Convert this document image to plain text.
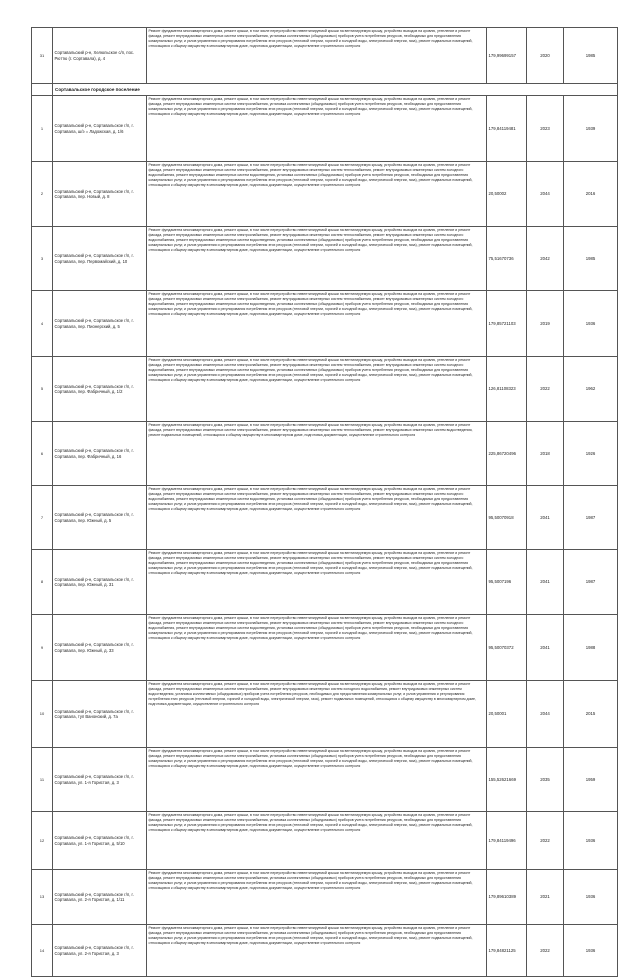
31	Сортавальский р-н, Хелюльское с/п, пос. Рюттю (г. Сортавала), д. 4	Ремонт фундамента многоквартирного дома, ремонт крыши, в том числе переустройство невентилируемой крыши на вентилируемую крышу, устройство выходов на кровлю, утепление и ремонт фасада, ремонт внутридомовых инженерных систем электроснабжения, установка коллективных (общедомовых) приборов учета потребления ресурсов, необходимых для предоставления коммунальных услуг, и узлов управления и регулирования потребления этих ресурсов (тепловой энергии, горячей и холодной воды, электрической энергии, газа), ремонт подвальных помещений, относящихся к общему имуществу в многоквартирном доме, подготовка документации, осуществление строительного контроля	179,99699157	2020	1985
	Сортавальское городское поселение				
1	Сортавальский р-н, Сортавальское г/п, г. Сортавала, ш/э = Ладожская, д. 1/6	Ремонт фундамента многоквартирного дома, ремонт крыши, в том числе переустройство невентилируемой крыши на вентилируемую крышу, устройство выходов на кровлю, утепление и ремонт фасада, ремонт внутридомовых инженерных систем электроснабжения, установка коллективных (общедомовых) приборов учета потребления ресурсов, необходимых для предоставления коммунальных услуг, и узлов управления и регулирования потребления этих ресурсов (тепловой энергии, горячей и холодной воды, электрической энергии, газа), ремонт подвальных помещений, относящихся к общему имуществу в многоквартирном доме, подготовка документации, осуществление строительного контроля	179,84119481	2023	1939
2	Сортавальский р-н, Сортавальское г/п, г. Сортавала, пер. Новый, д. 8	Ремонт фундамента многоквартирного дома, ремонт крыши, в том числе переустройство невентилируемой крыши на вентилируемую крышу, устройство выходов на кровлю, утепление и ремонт фасада, ремонт внутридомовых инженерных систем электроснабжения, ремонт внутридомовых инженерных систем теплоснабжения, ремонт внутридомовых инженерных систем холодного водоснабжения, ремонт внутридомовых инженерных систем водоотведения, установка коллективных (общедомовых) приборов учета потребления ресурсов, необходимых для предоставления коммунальных услуг, и узлов управления и регулирования потребления этих ресурсов (тепловой энергии, горячей и холодной воды, электрической энергии, газа), ремонт подвальных помещений, относящихся к общему имуществу в многоквартирном доме, подготовка документации, осуществление строительного контроля	20,50002	2044	2016
3	Сортавальский р-н, Сортавальское г/п, г. Сортавала, пер. Первомайский, д. 10	Ремонт фундамента многоквартирного дома, ремонт крыши, в том числе переустройство невентилируемой крыши на вентилируемую крышу, устройство выходов на кровлю, утепление и ремонт фасада, ремонт внутридомовых инженерных систем электроснабжения, ремонт внутридомовых инженерных систем теплоснабжения, ремонт внутридомовых инженерных систем холодного водоснабжения, ремонт внутридомовых инженерных систем водоотведения, установка коллективных (общедомовых) приборов учета потребления ресурсов, необходимых для предоставления коммунальных услуг, и узлов управления и регулирования потребления этих ресурсов (тепловой энергии, горячей и холодной воды, электрической энергии, газа), ремонт подвальных помещений, относящихся к общему имуществу в многоквартирном доме, подготовка документации, осуществление строительного контроля	75,51670736	2042	1985
4	Сортавальский р-н, Сортавальское г/п, г. Сортавала, пер. Пионерский, д. 5	Ремонт фундамента многоквартирного дома, ремонт крыши, в том числе переустройство невентилируемой крыши на вентилируемую крышу, устройство выходов на кровлю, утепление и ремонт фасада, ремонт внутридомовых инженерных систем электроснабжения, ремонт внутридомовых инженерных систем теплоснабжения, ремонт внутридомовых инженерных систем холодного водоснабжения, ремонт внутридомовых инженерных систем водоотведения, установка коллективных (общедомовых) приборов учета потребления ресурсов, необходимых для предоставления коммунальных услуг, и узлов управления и регулирования потребления этих ресурсов (тепловой энергии, горячей и холодной воды, электрической энергии, газа), ремонт подвальных помещений, относящихся к общему имуществу в многоквартирном доме, подготовка документации, осуществление строительного контроля	179,85721103	2019	1936
5	Сортавальский р-н, Сортавальское г/п, г. Сортавала, пер. Фабричный, д. 1/2	Ремонт фундамента многоквартирного дома, ремонт крыши, в том числе переустройство невентилируемой крыши на вентилируемую крышу, устройство выходов на кровлю, утепление и ремонт фасада, ремонт внутридомовых инженерных систем электроснабжения, ремонт внутридомовых инженерных систем теплоснабжения, ремонт внутридомовых инженерных систем холодного водоснабжения, ремонт внутридомовых инженерных систем водоотведения, установка коллективных (общедомовых) приборов учета потребления ресурсов, необходимых для предоставления коммунальных услуг, и узлов управления и регулирования потребления этих ресурсов (тепловой энергии, горячей и холодной воды, электрической энергии, газа), ремонт подвальных помещений, относящихся к общему имуществу в многоквартирном доме, подготовка документации, осуществление строительного контроля	126,81108323	2022	1962
6	Сортавальский р-н, Сортавальское г/п, г. Сортавала, пер. Фабричный, д. 16	Ремонт фундамента многоквартирного дома, ремонт крыши, в том числе переустройство невентилируемой крыши на вентилируемую крышу, устройство выходов на кровлю, утепление и ремонт фасада, ремонт внутридомовых инженерных систем электроснабжения, ремонт внутридомовых инженерных систем теплоснабжения, ремонт внутридомовых инженерных систем водоотведения, ремонт подвальных помещений, относящихся к общему имуществу в многоквартирном доме, подготовка документации, осуществление строительного контроля	225,86720496	2018	1926
7	Сортавальский р-н, Сортавальское г/п, г. Сортавала, пер. Южный, д. 5	Ремонт фундамента многоквартирного дома, ремонт крыши, в том числе переустройство невентилируемой крыши на вентилируемую крышу, устройство выходов на кровлю, утепление и ремонт фасада, ремонт внутридомовых инженерных систем электроснабжения, ремонт внутридомовых инженерных систем теплоснабжения, ремонт внутридомовых инженерных систем холодного водоснабжения, ремонт внутридомовых инженерных систем водоотведения, установка коллективных (общедомовых) приборов учета потребления ресурсов, необходимых для предоставления коммунальных услуг, и узлов управления и регулирования потребления этих ресурсов (тепловой энергии, горячей и холодной воды, электрической энергии, газа), ремонт подвальных помещений, относящихся к общему имуществу в многоквартирном доме, подготовка документации, осуществление строительного контроля	95,50070918	2041	1987
8	Сортавальский р-н, Сортавальское г/п, г. Сортавала, пер. Южный, д. 31	Ремонт фундамента многоквартирного дома, ремонт крыши, в том числе переустройство невентилируемой крыши на вентилируемую крышу, устройство выходов на кровлю, утепление и ремонт фасада, ремонт внутридомовых инженерных систем электроснабжения, ремонт внутридомовых инженерных систем теплоснабжения, ремонт внутридомовых инженерных систем холодного водоснабжения, ремонт внутридомовых инженерных систем водоотведения, установка коллективных (общедомовых) приборов учета потребления ресурсов, необходимых для предоставления коммунальных услуг, и узлов управления и регулирования потребления этих ресурсов (тепловой энергии, горячей и холодной воды, электрической энергии, газа), ремонт подвальных помещений, относящихся к общему имуществу в многоквартирном доме, подготовка документации, осуществление строительного контроля	95,5007196	2041	1987
9	Сортавальский р-н, Сортавальское г/п, г. Сортавала, пер. Южный, д. 33	Ремонт фундамента многоквартирного дома, ремонт крыши, в том числе переустройство невентилируемой крыши на вентилируемую крышу, устройство выходов на кровлю, утепление и ремонт фасада, ремонт внутридомовых инженерных систем электроснабжения, ремонт внутридомовых инженерных систем теплоснабжения, ремонт внутридомовых инженерных систем холодного водоснабжения, ремонт внутридомовых инженерных систем водоотведения, установка коллективных (общедомовых) приборов учета потребления ресурсов, необходимых для предоставления коммунальных услуг, и узлов управления и регулирования потребления этих ресурсов (тепловой энергии, горячей и холодной воды, электрической энергии, газа), ремонт подвальных помещений, относящихся к общему имуществу в многоквартирном доме, подготовка документации, осуществление строительного контроля	95,50070372	2041	1988
10	Сортавальский р-н, Сортавальское г/п, г. Сортавала, туп Ванонский, д. 7а	Ремонт фундамента многоквартирного дома, ремонт крыши, в том числе переустройство невентилируемой крыши на вентилируемую крышу, устройство выходов на кровлю, утепление и ремонт фасада, ремонт внутридомовых инженерных систем электроснабжения, ремонт внутридомовых инженерных систем холодного водоснабжения, ремонт внутридомовых инженерных систем водоотведения, установка коллективных (общедомовых) приборов учета потребления ресурсов, необходимых для предоставления коммунальных услуг, и узлов управления и регулирования потребления этих ресурсов (тепловой энергии, горячей и холодной воды, электрической энергии, газа), ремонт подвальных помещений, относящихся к общему имуществу в многоквартирном доме, подготовка документации, осуществление строительного контроля	20,50001	2044	2015
11	Сортавальский р-н, Сортавальское г/п, г. Сортавала, ул. 1-я Гористая, д. 3	Ремонт фундамента многоквартирного дома, ремонт крыши, в том числе переустройство невентилируемой крыши на вентилируемую крышу, устройство выходов на кровлю, утепление и ремонт фасада, ремонт внутридомовых инженерных систем электроснабжения, установка коллективных (общедомовых) приборов учета потребления ресурсов, необходимых для предоставления коммунальных услуг, и узлов управления и регулирования потребления этих ресурсов (тепловой энергии, горячей и холодной воды, электрической энергии, газа), ремонт подвальных помещений, относящихся к общему имуществу в многоквартирном доме, подготовка документации, осуществление строительного контроля	155,52621669	2035	1959
12	Сортавальский р-н, Сортавальское г/п, г. Сортавала, ул. 1-я Гористая, д. 5/10	Ремонт фундамента многоквартирного дома, ремонт крыши, в том числе переустройство невентилируемой крыши на вентилируемую крышу, устройство выходов на кровлю, утепление и ремонт фасада, ремонт внутридомовых инженерных систем электроснабжения, установка коллективных (общедомовых) приборов учета потребления ресурсов, необходимых для предоставления коммунальных услуг, и узлов управления и регулирования потребления этих ресурсов (тепловой энергии, горячей и холодной воды, электрической энергии, газа), ремонт подвальных помещений, относящихся к общему имуществу в многоквартирном доме, подготовка документации, осуществление строительного контроля	179,84119496	2022	1936
13	Сортавальский р-н, Сортавальское г/п, г. Сортавала, ул. 2-я Гористая, д. 1/11	Ремонт фундамента многоквартирного дома, ремонт крыши, в том числе переустройство невентилируемой крыши на вентилируемую крышу, устройство выходов на кровлю, утепление и ремонт фасада, ремонт внутридомовых инженерных систем электроснабжения, установка коллективных (общедомовых) приборов учета потребления ресурсов, необходимых для предоставления коммунальных услуг, и узлов управления и регулирования потребления этих ресурсов (тепловой энергии, горячей и холодной воды, электрической энергии, газа), ремонт подвальных помещений, относящихся к общему имуществу в многоквартирном доме, подготовка документации, осуществление строительного контроля	179,89610389	2021	1936
14	Сортавальский р-н, Сортавальское г/п, г. Сортавала, ул. 2-я Гористая, д. 3	Ремонт фундамента многоквартирного дома, ремонт крыши, в том числе переустройство невентилируемой крыши на вентилируемую крышу, устройство выходов на кровлю, утепление и ремонт фасада, ремонт внутридомовых инженерных систем электроснабжения, установка коллективных (общедомовых) приборов учета потребления ресурсов, необходимых для предоставления коммунальных услуг, и узлов управления и регулирования потребления этих ресурсов (тепловой энергии, горячей и холодной воды, электрической энергии, газа), ремонт подвальных помещений, относящихся к общему имуществу в многоквартирном доме, подготовка документации, осуществление строительного контроля	179,84821125	2022	1936
